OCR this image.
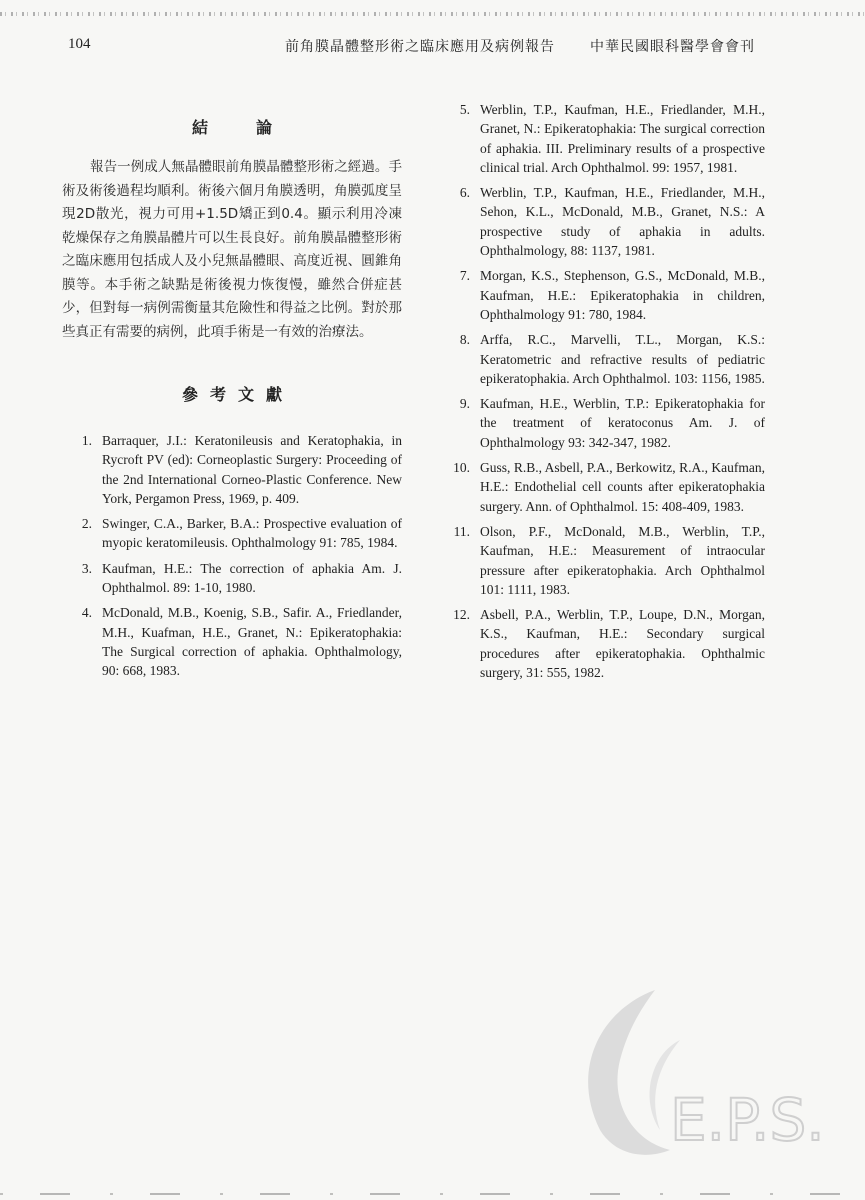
104	前角膜晶體整形術之臨床應用及病例報告	中華民國眼科醫學會會刊
結論

報告一例成人無晶體眼前角膜晶體整形術之經過。手術及術後過程均順利。術後六個月角膜透明，角膜弧度呈現2D散光，視力可用+1.5D矯正到0.4。顯示利用冷凍乾燥保存之角膜晶體片可以生長良好。前角膜晶體整形術之臨床應用包括成人及小兒無晶體眼、高度近視、圓錐角膜等。本手術之缺點是術後視力恢復慢，雖然合併症甚少，但對每一病例需衡量其危險性和得益之比例。對於那些真正有需要的病例，此項手術是一有效的治療法。

參考文獻
1. Barraquer, J.I.: Keratonileusis and Keratophakia, in Rycroft PV (ed): Corneoplastic Surgery: Proceeding of the 2nd International Corneo-Plastic Conference. New York, Pergamon Press, 1969, p. 409.
2. Swinger, C.A., Barker, B.A.: Prospective evaluation of myopic keratomileusis. Ophthalmology 91: 785, 1984.
3. Kaufman, H.E.: The correction of aphakia Am. J. Ophthalmol. 89: 1-10, 1980.
4. McDonald, M.B., Koenig, S.B., Safir. A., Friedlander, M.H., Kuafman, H.E., Granet, N.: Epikeratophakia: The Surgical correction of aphakia. Ophthalmology, 90: 668, 1983.
5. Werblin, T.P., Kaufman, H.E., Friedlander, M.H., Granet, N.: Epikeratophakia: The surgical correction of aphakia. III. Preliminary results of a prospective clinical trial. Arch Ophthalmol. 99: 1957, 1981.
6. Werblin, T.P., Kaufman, H.E., Friedlander, M.H., Sehon, K.L., McDonald, M.B., Granet, N.S.: A prospective study of aphakia in adults. Ophthalmology, 88: 1137, 1981.
7. Morgan, K.S., Stephenson, G.S., McDonald, M.B., Kaufman, H.E.: Epikeratophakia in children, Ophthalmology 91: 780, 1984.
8. Arffa, R.C., Marvelli, T.L., Morgan, K.S.: Keratometric and refractive results of pediatric epikeratophakia. Arch Ophthalmol. 103: 1156, 1985.
9. Kaufman, H.E., Werblin, T.P.: Epikeratophakia for the treatment of keratoconus Am. J. of Ophthalmology 93: 342-347, 1982.
10. Guss, R.B., Asbell, P.A., Berkowitz, R.A., Kaufman, H.E.: Endothelial cell counts after epikeratophakia surgery. Ann. of Ophthalmol. 15: 408-409, 1983.
11. Olson, P.F., McDonald, M.B., Werblin, T.P., Kaufman, H.E.: Measurement of intraocular pressure after epikeratophakia. Arch Ophthalmol 101: 1111, 1983.
12. Asbell, P.A., Werblin, T.P., Loupe, D.N., Morgan, K.S., Kaufman, H.E.: Secondary surgical procedures after epikeratophakia. Ophthalmic surgery, 31: 555, 1982.
E.P.S.
